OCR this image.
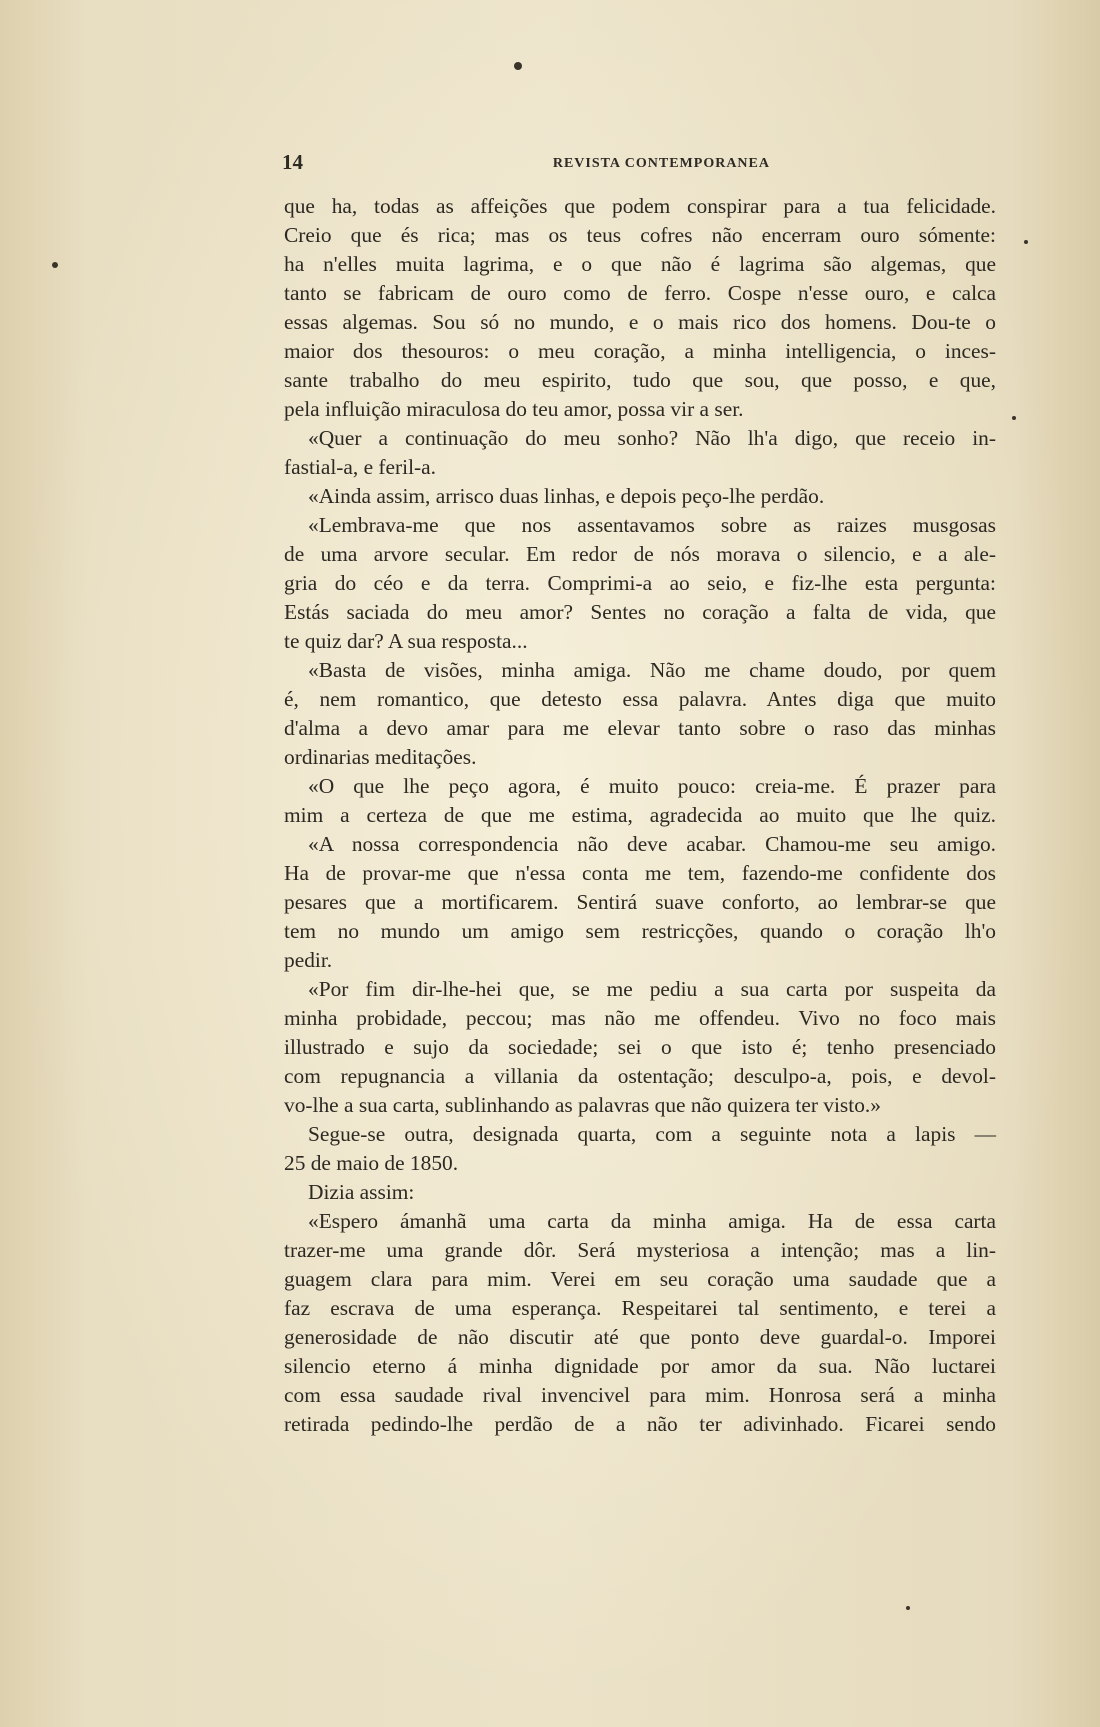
14	REVISTA CONTEMPORANEA

que ha, todas as affeições que podem conspirar para a tua felicidade.

Creio que és rica; mas os teus cofres não encerram ouro sómente:

ha n'elles muita lagrima, e o que não é lagrima são algemas, que

tanto se fabricam de ouro como de ferro. Cospe n'esse ouro, e calca

essas algemas. Sou só no mundo, e o mais rico dos homens. Dou-te o

maior dos thesouros: o meu coração, a minha intelligencia, o inces-

sante trabalho do meu espirito, tudo que sou, que posso, e que,

pela influição miraculosa do teu amor, possa vir a ser.

«Quer a continuação do meu sonho? Não lh'a digo, que receio in-

fastial-a, e feril-a.

«Ainda assim, arrisco duas linhas, e depois peço-lhe perdão.

«Lembrava-me que nos assentavamos sobre as raizes musgosas

de uma arvore secular. Em redor de nós morava o silencio, e a ale-

gria do céo e da terra. Comprimi-a ao seio, e fiz-lhe esta pergunta:

Estás saciada do meu amor? Sentes no coração a falta de vida, que

te quiz dar? A sua resposta...

«Basta de visões, minha amiga. Não me chame doudo, por quem

é, nem romantico, que detesto essa palavra. Antes diga que muito

d'alma a devo amar para me elevar tanto sobre o raso das minhas

ordinarias meditações.

«O que lhe peço agora, é muito pouco: creia-me. É prazer para

mim a certeza de que me estima, agradecida ao muito que lhe quiz.

«A nossa correspondencia não deve acabar. Chamou-me seu amigo.

Ha de provar-me que n'essa conta me tem, fazendo-me confidente dos

pesares que a mortificarem. Sentirá suave conforto, ao lembrar-se que

tem no mundo um amigo sem restricções, quando o coração lh'o

pedir.

«Por fim dir-lhe-hei que, se me pediu a sua carta por suspeita da

minha probidade, peccou; mas não me offendeu. Vivo no foco mais

illustrado e sujo da sociedade; sei o que isto é; tenho presenciado

com repugnancia a villania da ostentação; desculpo-a, pois, e devol-

vo-lhe a sua carta, sublinhando as palavras que não quizera ter visto.»

Segue-se outra, designada quarta, com a seguinte nota a lapis —

25 de maio de 1850.

Dizia assim:

«Espero ámanhã uma carta da minha amiga. Ha de essa carta

trazer-me uma grande dôr. Será mysteriosa a intenção; mas a lin-

guagem clara para mim. Verei em seu coração uma saudade que a

faz escrava de uma esperança. Respeitarei tal sentimento, e terei a

generosidade de não discutir até que ponto deve guardal-o. Imporei

silencio eterno á minha dignidade por amor da sua. Não luctarei

com essa saudade rival invencivel para mim. Honrosa será a minha

retirada pedindo-lhe perdão de a não ter adivinhado. Ficarei sendo
